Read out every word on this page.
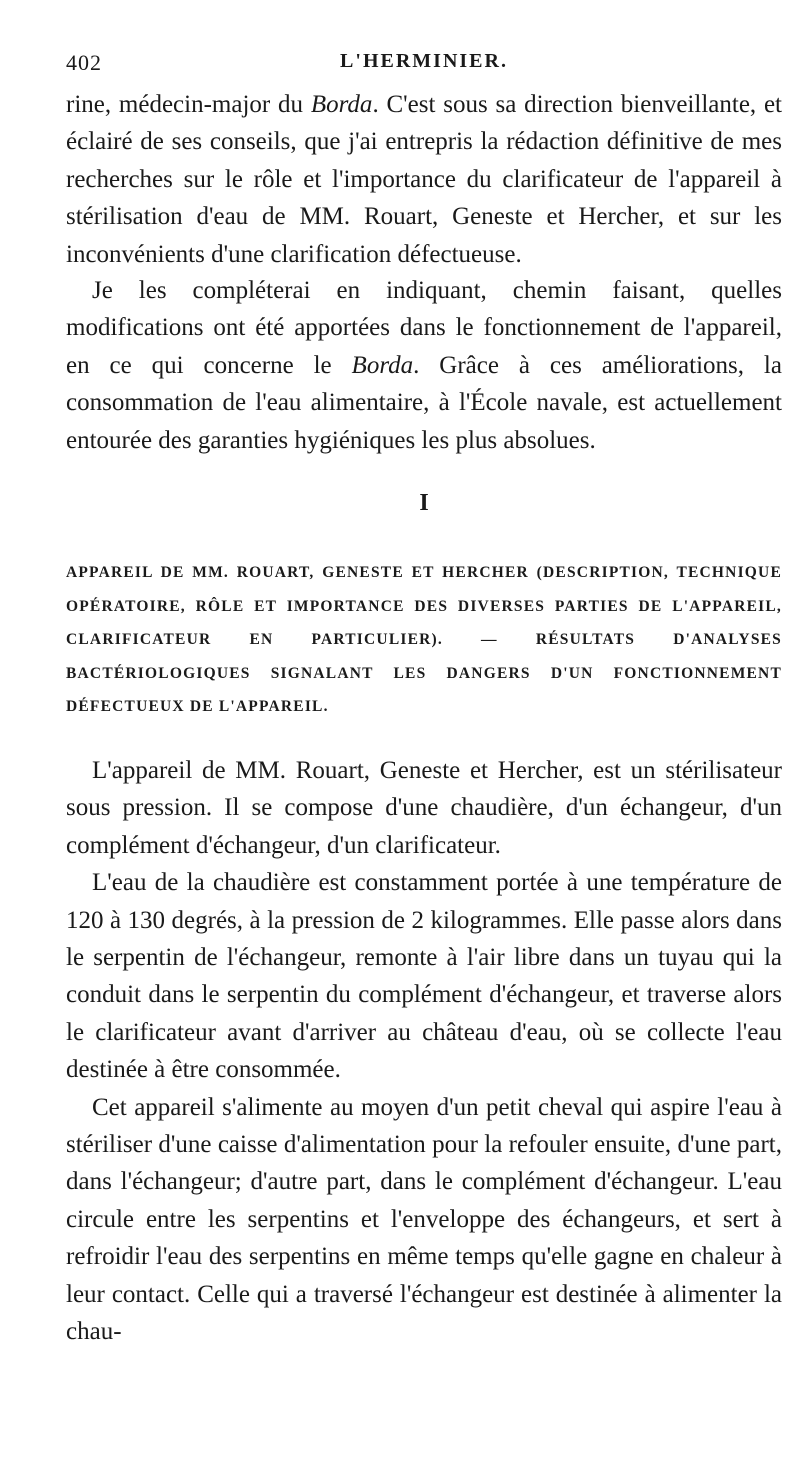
402	L'HERMINIER.

rine, médecin-major du Borda. C'est sous sa direction bienveillante, et éclairé de ses conseils, que j'ai entrepris la rédaction définitive de mes recherches sur le rôle et l'importance du clarificateur de l'appareil à stérilisation d'eau de MM. Rouart, Geneste et Hercher, et sur les inconvénients d'une clarification défectueuse.

Je les compléterai en indiquant, chemin faisant, quelles modifications ont été apportées dans le fonctionnement de l'appareil, en ce qui concerne le Borda. Grâce à ces améliorations, la consommation de l'eau alimentaire, à l'École navale, est actuellement entourée des garanties hygiéniques les plus absolues.

I

APPAREIL DE MM. ROUART, GENESTE ET HERCHER (DESCRIPTION, TECHNIQUE OPÉRATOIRE, RÔLE ET IMPORTANCE DES DIVERSES PARTIES DE L'APPAREIL, CLARIFICATEUR EN PARTICULIER). — RÉSULTATS D'ANALYSES BACTÉRIOLOGIQUES SIGNALANT LES DANGERS D'UN FONCTIONNEMENT DÉFECTUEUX DE L'APPAREIL.

L'appareil de MM. Rouart, Geneste et Hercher, est un stérilisateur sous pression. Il se compose d'une chaudière, d'un échangeur, d'un complément d'échangeur, d'un clarificateur.

L'eau de la chaudière est constamment portée à une température de 120 à 130 degrés, à la pression de 2 kilogrammes. Elle passe alors dans le serpentin de l'échangeur, remonte à l'air libre dans un tuyau qui la conduit dans le serpentin du complément d'échangeur, et traverse alors le clarificateur avant d'arriver au château d'eau, où se collecte l'eau destinée à être consommée.

Cet appareil s'alimente au moyen d'un petit cheval qui aspire l'eau à stériliser d'une caisse d'alimentation pour la refouler ensuite, d'une part, dans l'échangeur; d'autre part, dans le complément d'échangeur. L'eau circule entre les serpentins et l'enveloppe des échangeurs, et sert à refroidir l'eau des serpentins en même temps qu'elle gagne en chaleur à leur contact. Celle qui a traversé l'échangeur est destinée à alimenter la chau-
